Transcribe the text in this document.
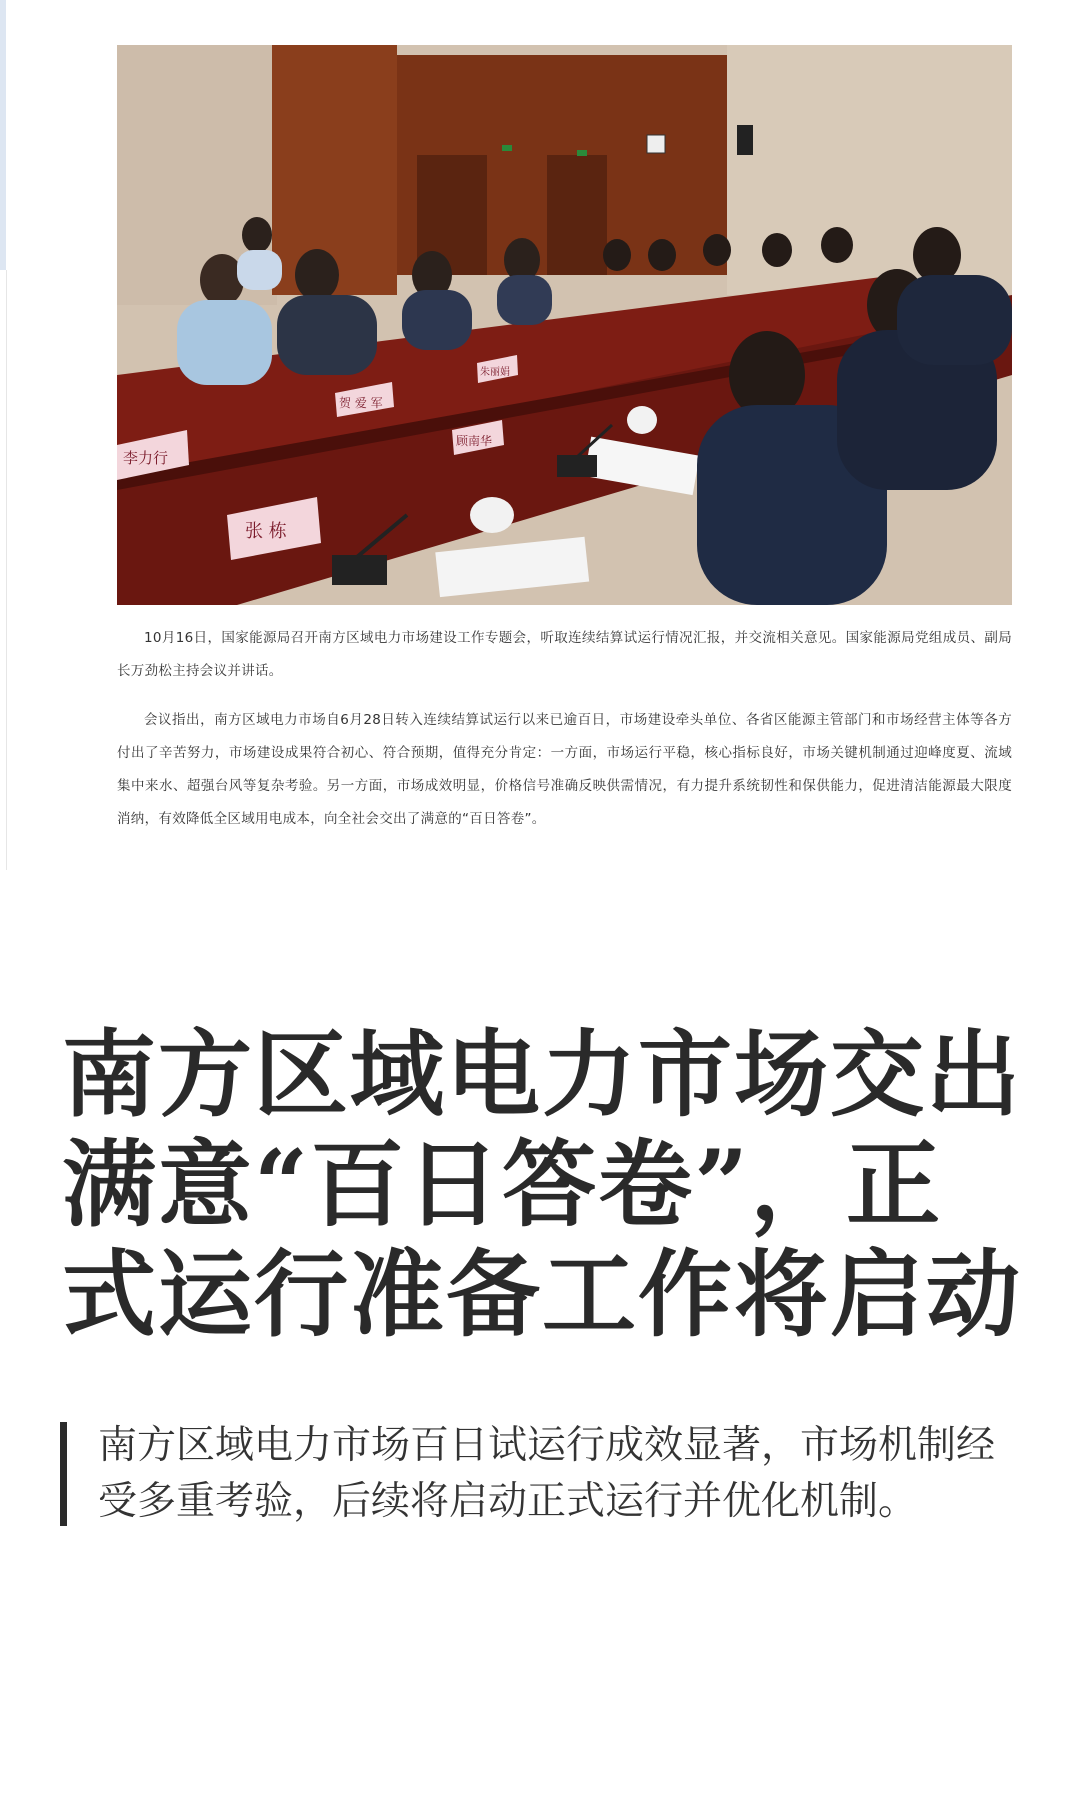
李力行
张 栋
贺 爱 军
顾南华
朱丽娟

10月16日，国家能源局召开南方区域电力市场建设工作专题会，听取连续结算试运行情况汇报，并交流相关意见。国家能源局党组成员、副局长万劲松主持会议并讲话。

会议指出，南方区域电力市场自6月28日转入连续结算试运行以来已逾百日，市场建设牵头单位、各省区能源主管部门和市场经营主体等各方付出了辛苦努力，市场建设成果符合初心、符合预期，值得充分肯定：一方面，市场运行平稳，核心指标良好，市场关键机制通过迎峰度夏、流域集中来水、超强台风等复杂考验。另一方面，市场成效明显，价格信号准确反映供需情况，有力提升系统韧性和保供能力，促进清洁能源最大限度消纳，有效降低全区域用电成本，向全社会交出了满意的“百日答卷”。

南方区域电力市场交出满意“百日答卷”，正式运行准备工作将启动

南方区域电力市场百日试运行成效显著，市场机制经受多重考验，后续将启动正式运行并优化机制。
